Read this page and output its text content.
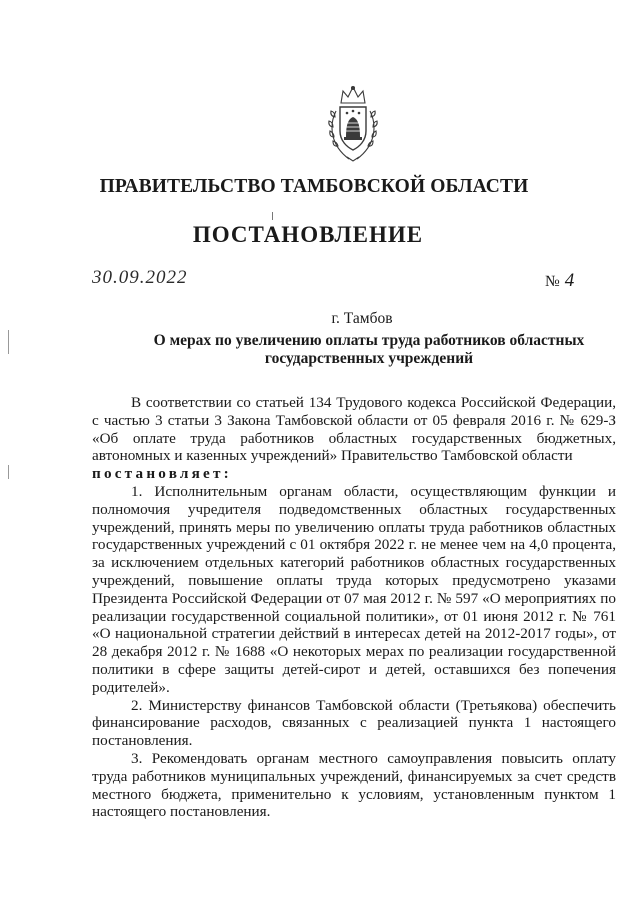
ПРАВИТЕЛЬСТВО ТАМБОВСКОЙ ОБЛАСТИ
ПОСТАНОВЛЕНИЕ
30.09.2022	№ 4
г. Тамбов
О мерах по увеличению оплаты труда работников областных
государственных учреждений

В соответствии со статьей 134 Трудового кодекса Российской Федерации, с частью 3 статьи 3 Закона Тамбовской области от 05 февраля 2016 г. № 629-З «Об оплате труда работников областных государственных бюджетных, автономных и казенных учреждений» Правительство Тамбовской области

постановляет:

1. Исполнительным органам области, осуществляющим функции и полномочия учредителя подведомственных областных государственных учреждений, принять меры по увеличению оплаты труда работников областных государственных учреждений с 01 октября 2022 г. не менее чем на 4,0 процента, за исключением отдельных категорий работников областных государственных учреждений, повышение оплаты труда которых предусмотрено указами Президента Российской Федерации от 07 мая 2012 г. № 597 «О мероприятиях по реализации государственной социальной политики», от 01 июня 2012 г. № 761 «О национальной стратегии действий в интересах детей на 2012-2017 годы», от 28 декабря 2012 г. № 1688 «О некоторых мерах по реализации государственной политики в сфере защиты детей-сирот и детей, оставшихся без попечения родителей».

2. Министерству финансов Тамбовской области (Третьякова) обеспечить финансирование расходов, связанных с реализацией пункта 1 настоящего постановления.

3. Рекомендовать органам местного самоуправления повысить оплату труда работников муниципальных учреждений, финансируемых за счет средств местного бюджета, применительно к условиям, установленным пунктом 1 настоящего постановления.
